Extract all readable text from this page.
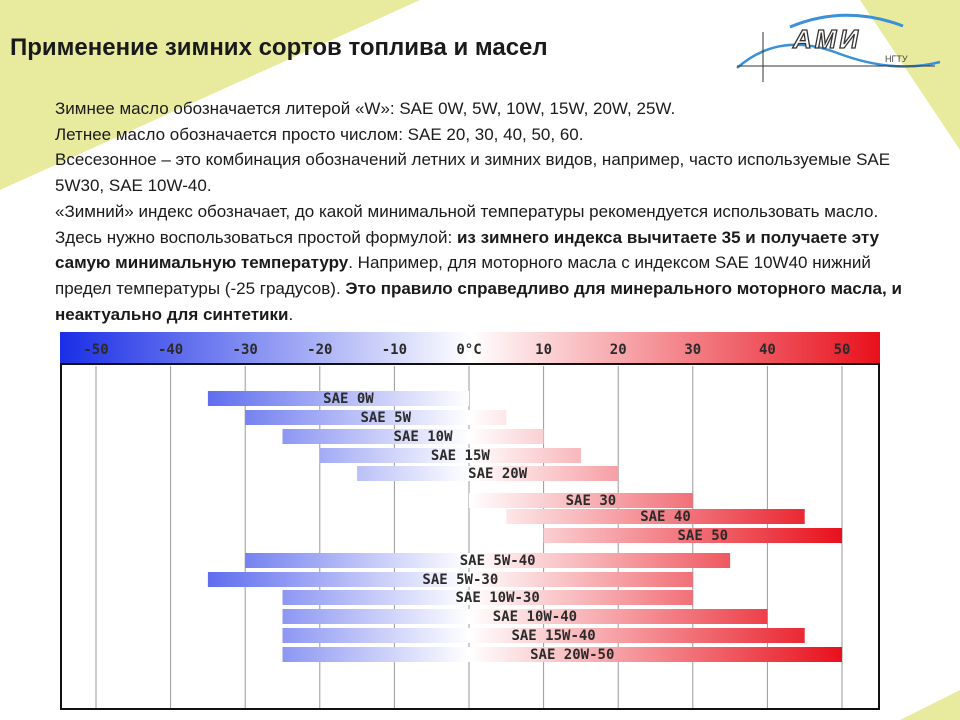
АМИ
НГТУ
Применение зимних сортов топлива и масел

Зимнее масло обозначается литерой «W»: SAE 0W, 5W, 10W, 15W, 20W, 25W.

Летнее масло обозначается просто числом: SAE 20, 30, 40, 50, 60.

Всесезонное – это комбинация обозначений летних и зимних видов, например, часто используемые SAE 5W30, SAE 10W-40.

«Зимний» индекс обозначает, до какой минимальной температуры рекомендуется использовать масло. Здесь нужно воспользоваться простой формулой: из зимнего индекса вычитаете 35 и получаете эту самую минимальную температуру. Например, для моторного масла с индексом SAE 10W40 нижний предел температуры (-25 градусов). Это правило справедливо для минерального моторного масла, и неактуально для синтетики.

-50	-40	-30	-20	-10	0°C	10	20	30	40	50
SAE 0W
SAE 5W
SAE 10W
SAE 15W
SAE 20W
SAE 30
SAE 40
SAE 50
SAE 5W-40
SAE 5W-30
SAE 10W-30
SAE 10W-40
SAE 15W-40
SAE 20W-50
